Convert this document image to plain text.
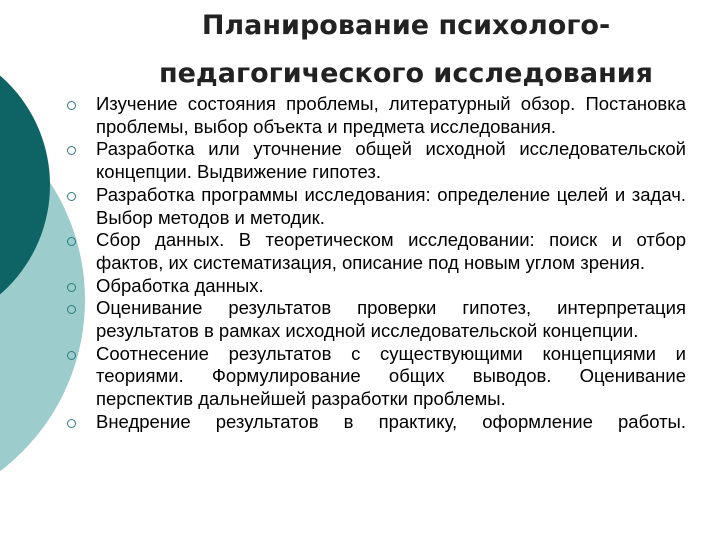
Планирование психолого-
педагогического исследования
Изучение состояния проблемы, литературный обзор. Постановка проблемы, выбор объекта и предмета исследования.
Разработка или уточнение общей исходной исследовательской концепции. Выдвижение гипотез.
Разработка программы исследования: определение целей и задач. Выбор методов и методик.
Сбор данных. В теоретическом исследовании: поиск и отбор фактов, их систематизация, описание под новым углом зрения.
Обработка данных.
Оценивание результатов проверки гипотез, интерпретация результатов в рамках исходной исследовательской концепции.
Соотнесение результатов с существующими концепциями и теориями. Формулирование общих выводов. Оценивание перспектив дальнейшей разработки проблемы.
Внедрение результатов в практику, оформление работы.
